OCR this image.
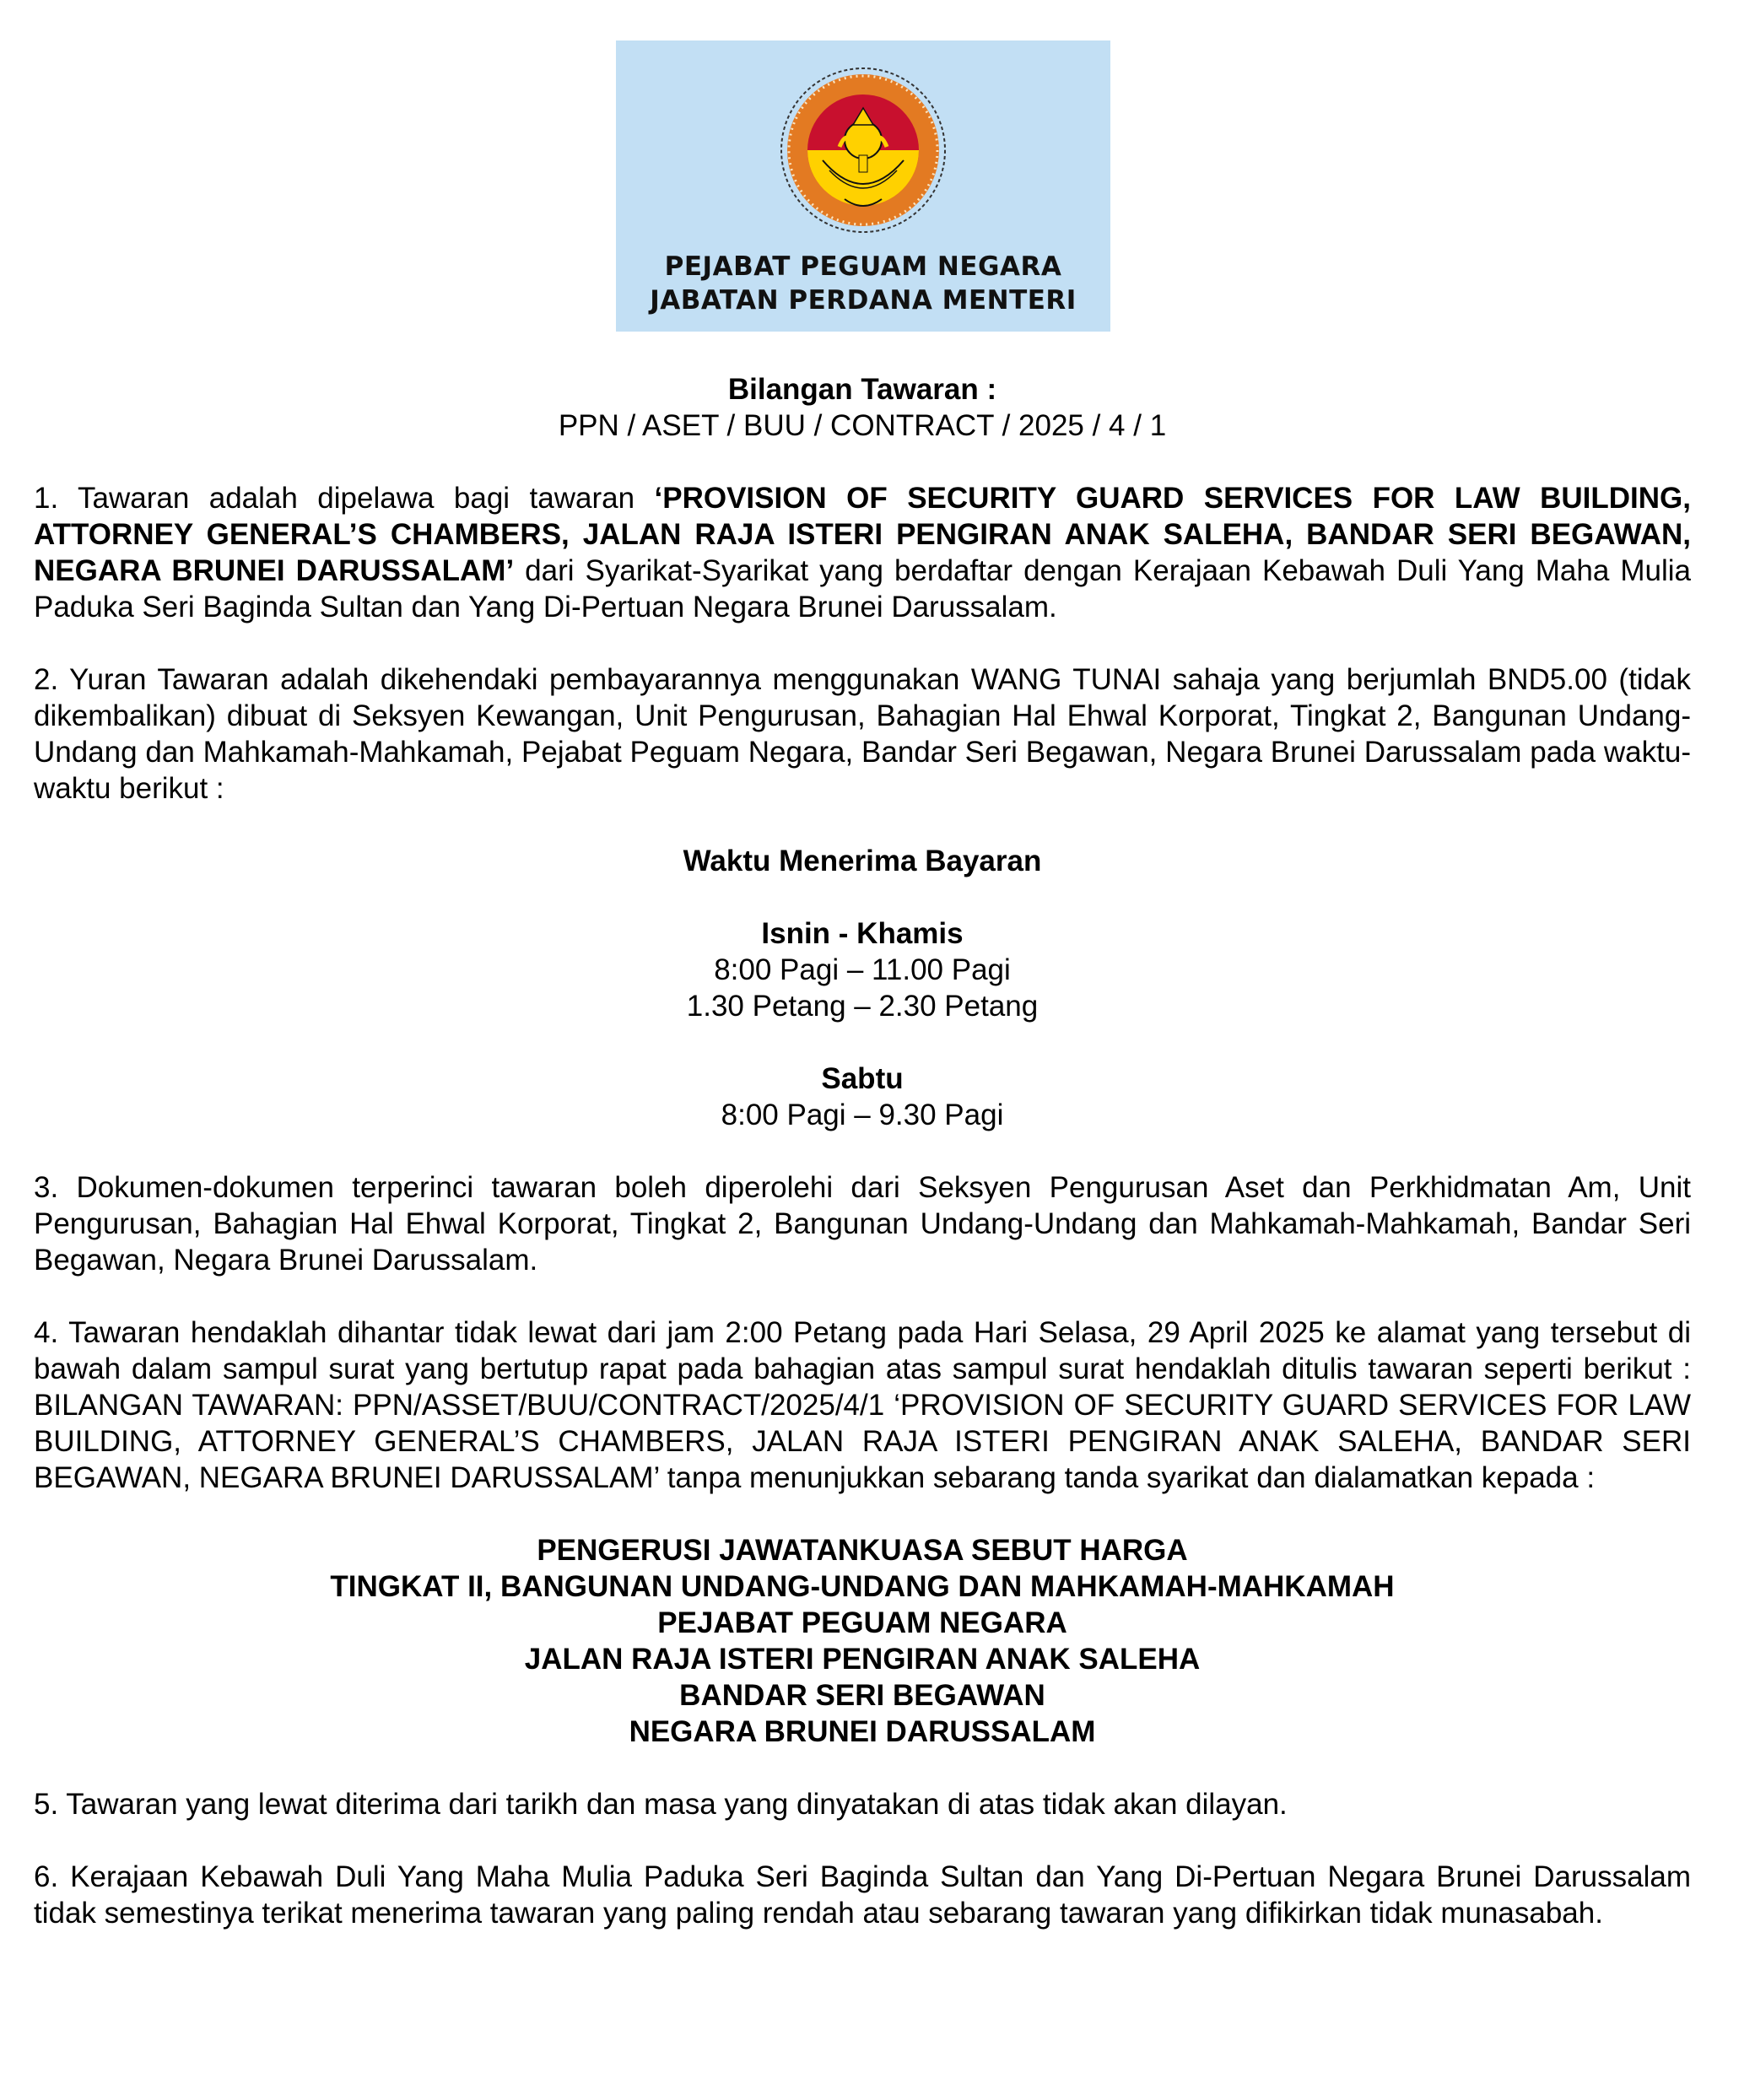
PEJABAT PEGUAM NEGARA
JABATAN PERDANA MENTERI
Bilangan Tawaran :
PPN / ASET / BUU / CONTRACT / 2025 / 4 / 1

1. Tawaran adalah dipelawa bagi tawaran ‘PROVISION OF SECURITY GUARD SERVICES FOR LAW BUILDING, ATTORNEY GENERAL’S CHAMBERS, JALAN RAJA ISTERI PENGIRAN ANAK SALEHA, BANDAR SERI BEGAWAN, NEGARA BRUNEI DARUSSALAM’ dari Syarikat-Syarikat yang berdaftar dengan Kerajaan Kebawah Duli Yang Maha Mulia Paduka Seri Baginda Sultan dan Yang Di-Pertuan Negara Brunei Darussalam.

2. Yuran Tawaran adalah dikehendaki pembayarannya menggunakan WANG TUNAI sahaja yang berjumlah BND5.00 (tidak dikembalikan) dibuat di Seksyen Kewangan, Unit Pengurusan, Bahagian Hal Ehwal Korporat, Tingkat 2, Bangunan Undang-Undang dan Mahkamah-Mahkamah, Pejabat Peguam Negara, Bandar Seri Begawan, Negara Brunei Darussalam pada waktu-waktu berikut :

Waktu Menerima Bayaran
Isnin - Khamis
8:00 Pagi – 11.00 Pagi
1.30 Petang – 2.30 Petang
Sabtu
8:00 Pagi – 9.30 Pagi

3. Dokumen-dokumen terperinci tawaran boleh diperolehi dari Seksyen Pengurusan Aset dan Perkhidmatan Am, Unit Pengurusan, Bahagian Hal Ehwal Korporat, Tingkat 2, Bangunan Undang-Undang dan Mahkamah-Mahkamah, Bandar Seri Begawan, Negara Brunei Darussalam.

4. Tawaran hendaklah dihantar tidak lewat dari jam 2:00 Petang pada Hari Selasa, 29 April 2025 ke alamat yang tersebut di bawah dalam sampul surat yang bertutup rapat pada bahagian atas sampul surat hendaklah ditulis tawaran seperti berikut : BILANGAN TAWARAN: PPN/ASSET/BUU/CONTRACT/2025/4/1 ‘PROVISION OF SECURITY GUARD SERVICES FOR LAW BUILDING, ATTORNEY GENERAL’S CHAMBERS, JALAN RAJA ISTERI PENGIRAN ANAK SALEHA, BANDAR SERI BEGAWAN, NEGARA BRUNEI DARUSSALAM’ tanpa menunjukkan sebarang tanda syarikat dan dialamatkan kepada :

PENGERUSI JAWATANKUASA SEBUT HARGA
TINGKAT II, BANGUNAN UNDANG-UNDANG DAN MAHKAMAH-MAHKAMAH
PEJABAT PEGUAM NEGARA
JALAN RAJA ISTERI PENGIRAN ANAK SALEHA
BANDAR SERI BEGAWAN
NEGARA BRUNEI DARUSSALAM

5. Tawaran yang lewat diterima dari tarikh dan masa yang dinyatakan di atas tidak akan dilayan.

6. Kerajaan Kebawah Duli Yang Maha Mulia Paduka Seri Baginda Sultan dan Yang Di-Pertuan Negara Brunei Darussalam tidak semestinya terikat menerima tawaran yang paling rendah atau sebarang tawaran yang difikirkan tidak munasabah.
